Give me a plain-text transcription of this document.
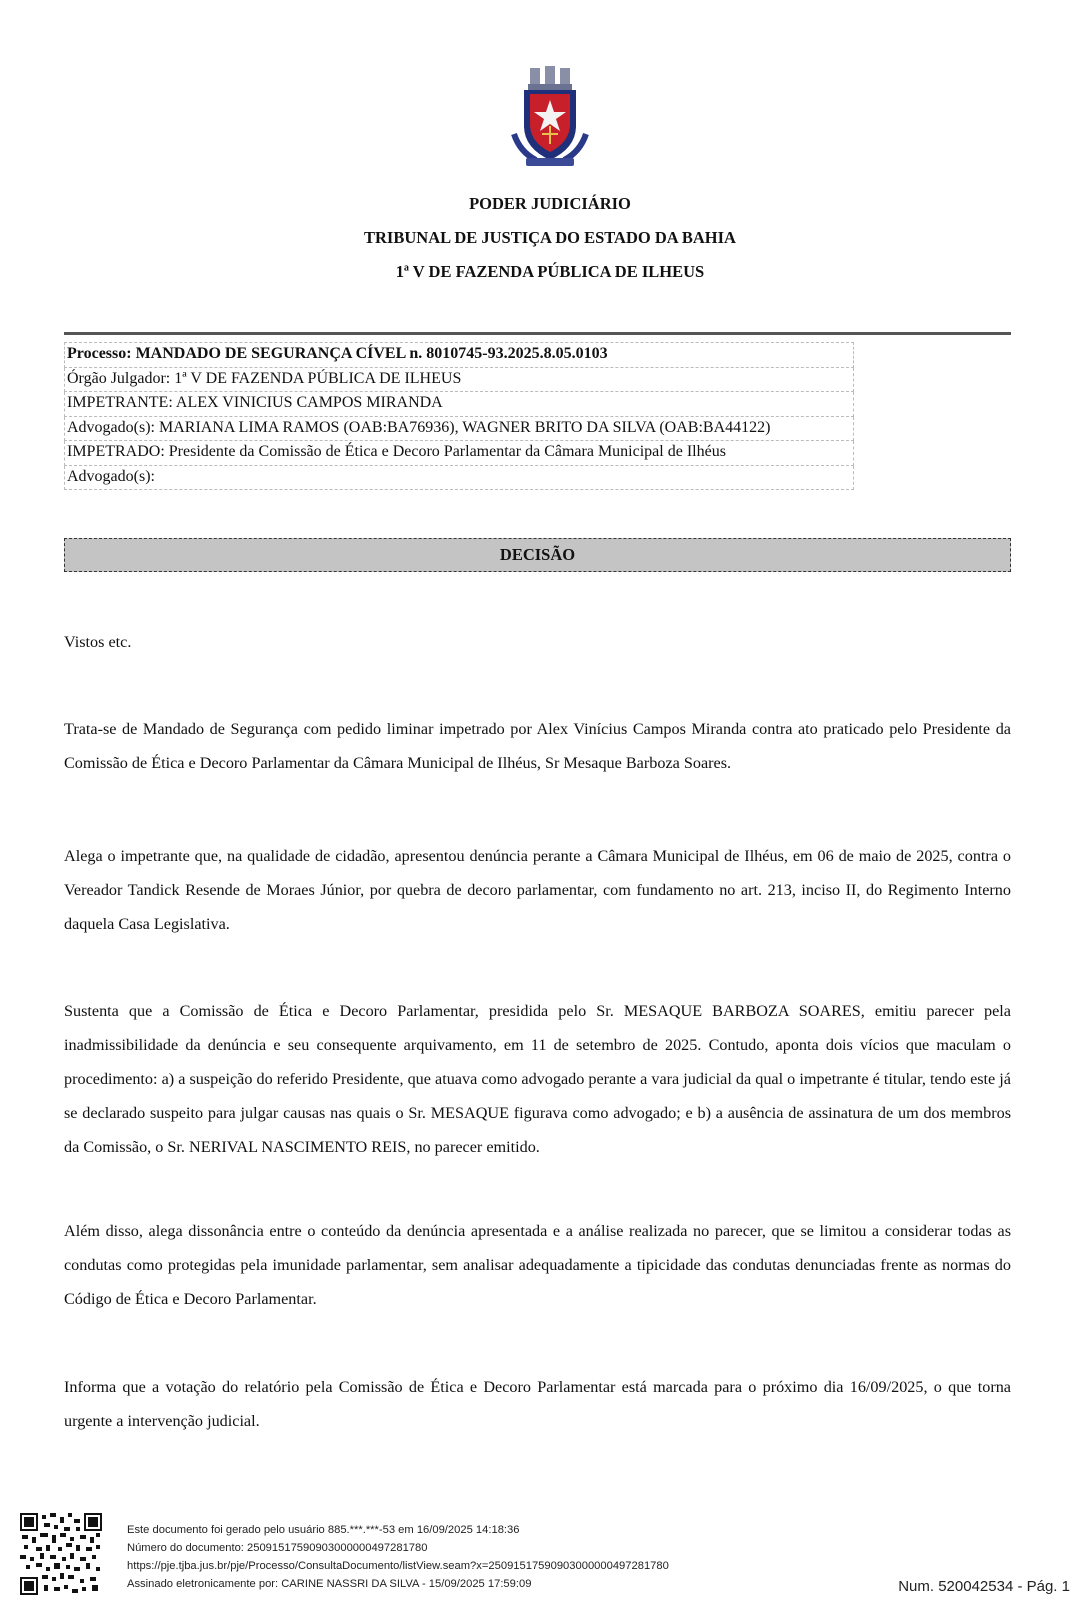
PODER JUDICIÁRIO
TRIBUNAL DE JUSTIÇA DO ESTADO DA BAHIA
1ª V DE FAZENDA PÚBLICA DE ILHEUS
Processo: MANDADO DE SEGURANÇA CÍVEL n. 8010745-93.2025.8.05.0103
Órgão Julgador: 1ª V DE FAZENDA PÚBLICA DE ILHEUS
IMPETRANTE: ALEX VINICIUS CAMPOS MIRANDA
Advogado(s): MARIANA LIMA RAMOS (OAB:BA76936), WAGNER BRITO DA SILVA (OAB:BA44122)
IMPETRADO: Presidente da Comissão de Ética e Decoro Parlamentar da Câmara Municipal de Ilhéus
Advogado(s):
DECISÃO

Vistos etc.

Trata-se de Mandado de Segurança com pedido liminar impetrado por Alex Vinícius Campos Miranda contra ato praticado pelo Presidente da Comissão de Ética e Decoro Parlamentar da Câmara Municipal de Ilhéus, Sr Mesaque Barboza Soares.

Alega o impetrante que, na qualidade de cidadão, apresentou denúncia perante a Câmara Municipal de Ilhéus, em 06 de maio de 2025, contra o Vereador Tandick Resende de Moraes Júnior, por quebra de decoro parlamentar, com fundamento no art. 213, inciso II, do Regimento Interno daquela Casa Legislativa.

Sustenta que a Comissão de Ética e Decoro Parlamentar, presidida pelo Sr. MESAQUE BARBOZA SOARES, emitiu parecer pela inadmissibilidade da denúncia e seu consequente arquivamento, em 11 de setembro de 2025. Contudo, aponta dois vícios que maculam o procedimento: a) a suspeição do referido Presidente, que atuava como advogado perante a vara judicial da qual o impetrante é titular, tendo este já se declarado suspeito para julgar causas nas quais o Sr. MESAQUE figurava como advogado; e b) a ausência de assinatura de um dos membros da Comissão, o Sr. NERIVAL NASCIMENTO REIS, no parecer emitido.

Além disso, alega dissonância entre o conteúdo da denúncia apresentada e a análise realizada no parecer, que se limitou a considerar todas as condutas como protegidas pela imunidade parlamentar, sem analisar adequadamente a tipicidade das condutas denunciadas frente as normas do Código de Ética e Decoro Parlamentar.

Informa que a votação do relatório pela Comissão de Ética e Decoro Parlamentar está marcada para o próximo dia 16/09/2025, o que torna urgente a intervenção judicial.

Este documento foi gerado pelo usuário 885.***.***-53 em 16/09/2025 14:18:36
Número do documento: 25091517590903000000497281780
https://pje.tjba.jus.br/pje/Processo/ConsultaDocumento/listView.seam?x=25091517590903000000497281780
Assinado eletronicamente por: CARINE NASSRI DA SILVA - 15/09/2025 17:59:09	Num. 520042534 - Pág. 1
